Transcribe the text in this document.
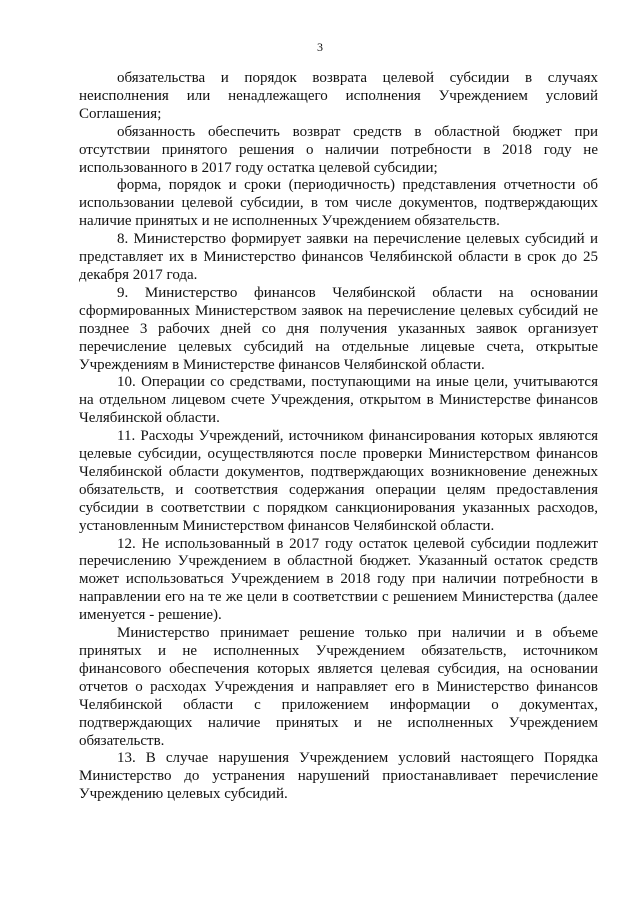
3

обязательства и порядок возврата целевой субсидии в случаях неисполнения или ненадлежащего исполнения Учреждением условий Соглашения;

обязанность обеспечить возврат средств в областной бюджет при отсутствии принятого решения о наличии потребности в 2018 году не использованного в 2017 году остатка целевой субсидии;

форма, порядок и сроки (периодичность) представления отчетности об использовании целевой субсидии, в том числе документов, подтверждающих наличие принятых и не исполненных Учреждением обязательств.

8. Министерство формирует заявки на перечисление целевых субсидий и представляет их в Министерство финансов Челябинской области в срок до 25 декабря 2017 года.

9. Министерство финансов Челябинской области на основании сформированных Министерством заявок на перечисление целевых субсидий не позднее 3 рабочих дней со дня получения указанных заявок организует перечисление целевых субсидий на отдельные лицевые счета, открытые Учреждениям в Министерстве финансов Челябинской области.

10. Операции со средствами, поступающими на иные цели, учитываются на отдельном лицевом счете Учреждения, открытом в Министерстве финансов Челябинской области.

11. Расходы Учреждений, источником финансирования которых являются целевые субсидии, осуществляются после проверки Министерством финансов Челябинской области документов, подтверждающих возникновение денежных обязательств, и соответствия содержания операции целям предоставления субсидии в соответствии с порядком санкционирования указанных расходов, установленным Министерством финансов Челябинской области.

12. Не использованный в 2017 году остаток целевой субсидии подлежит перечислению Учреждением в областной бюджет. Указанный остаток средств может использоваться Учреждением в 2018 году при наличии потребности в направлении его на те же цели в соответствии с решением Министерства (далее именуется - решение).

Министерство принимает решение только при наличии и в объеме принятых и не исполненных Учреждением обязательств, источником финансового обеспечения которых является целевая субсидия, на основании отчетов о расходах Учреждения и направляет его в Министерство финансов Челябинской области с приложением информации о документах, подтверждающих наличие принятых и не исполненных Учреждением обязательств.

13. В случае нарушения Учреждением условий настоящего Порядка Министерство до устранения нарушений приостанавливает перечисление Учреждению целевых субсидий.
